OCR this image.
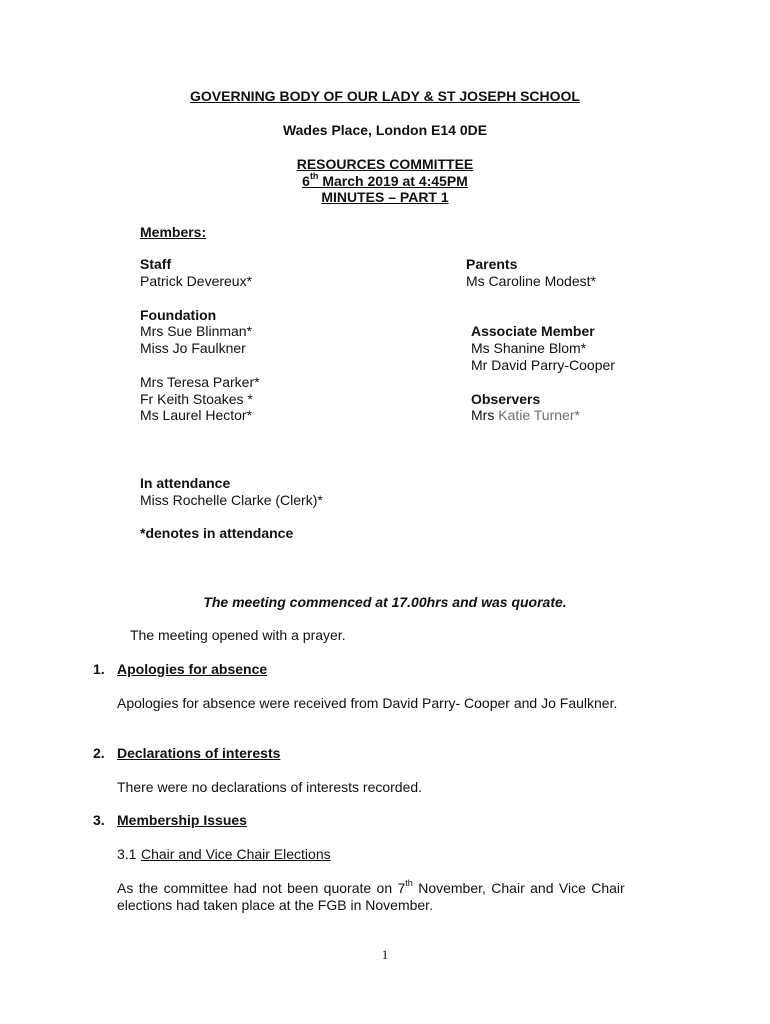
GOVERNING BODY OF OUR LADY & ST JOSEPH SCHOOL
Wades Place, London E14 0DE
RESOURCES COMMITTEE
6th March 2019 at 4:45PM
MINUTES – PART 1
Members:
Staff
Patrick Devereux*
Parents
Ms Caroline Modest*
Foundation
Mrs Sue Blinman*
Miss Jo Faulkner
Mrs Teresa Parker*
Fr Keith Stoakes *
Ms Laurel Hector*
Associate Member
Ms Shanine Blom*
Mr David Parry-Cooper
Observers
Mrs Katie Turner*
In attendance
Miss Rochelle Clarke (Clerk)*
*denotes in attendance
The meeting commenced at 17.00hrs and was quorate.
The meeting opened with a prayer.
1. Apologies for absence
Apologies for absence were received from David Parry- Cooper and Jo Faulkner.
2. Declarations of interests
There were no declarations of interests recorded.
3. Membership Issues
3.1 Chair and Vice Chair Elections
As the committee had not been quorate on 7th November, Chair and Vice Chair
elections had taken place at the FGB in November.
1
